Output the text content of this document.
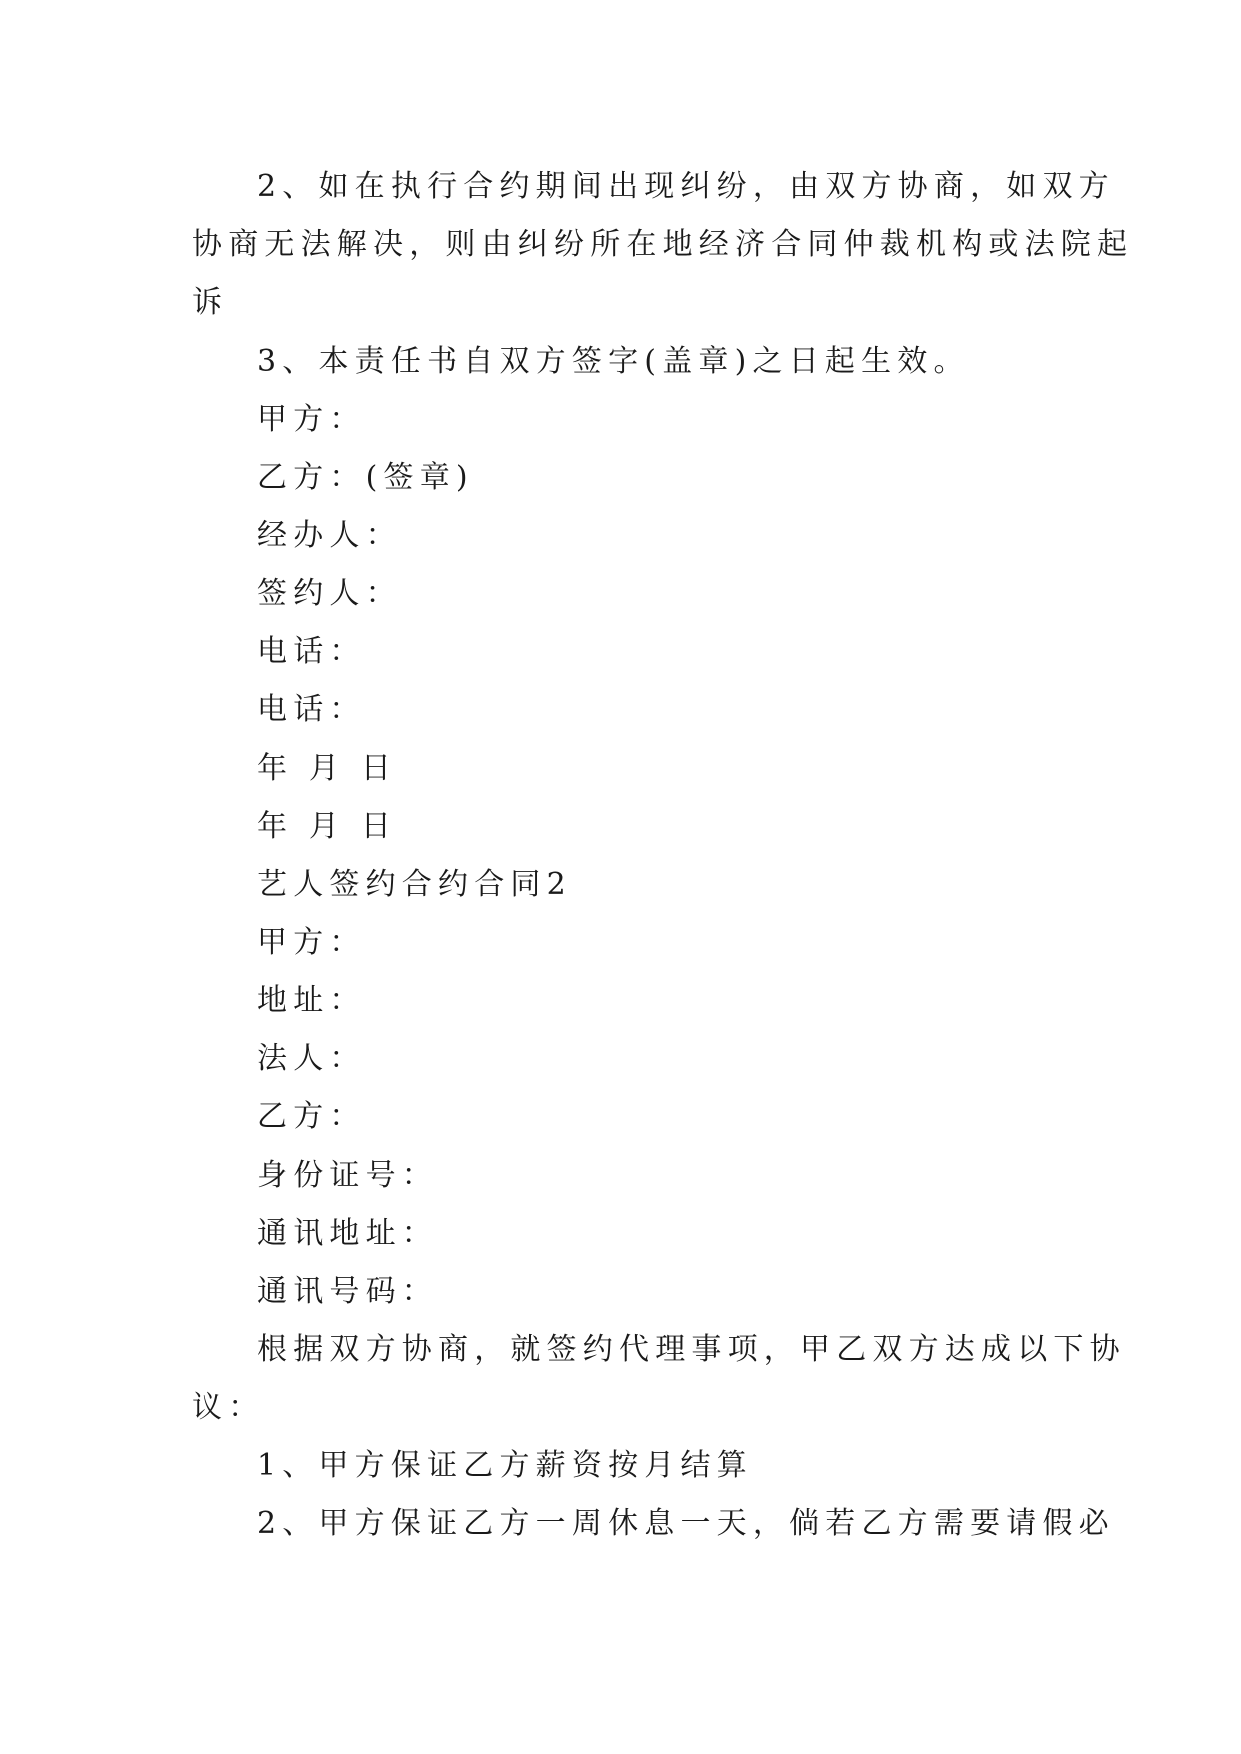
2、如在执行合约期间出现纠纷，由双方协商，如双方
协商无法解决，则由纠纷所在地经济合同仲裁机构或法院起
诉
3、本责任书自双方签字(盖章)之日起生效。
甲方：
乙方：(签章)
经办人：
签约人：
电话：
电话：
年 月 日
年 月 日
艺人签约合约合同2
甲方：
地址：
法人：
乙方：
身份证号：
通讯地址：
通讯号码：
根据双方协商，就签约代理事项，甲乙双方达成以下协
议：
1、甲方保证乙方薪资按月结算
2、甲方保证乙方一周休息一天，倘若乙方需要请假必
